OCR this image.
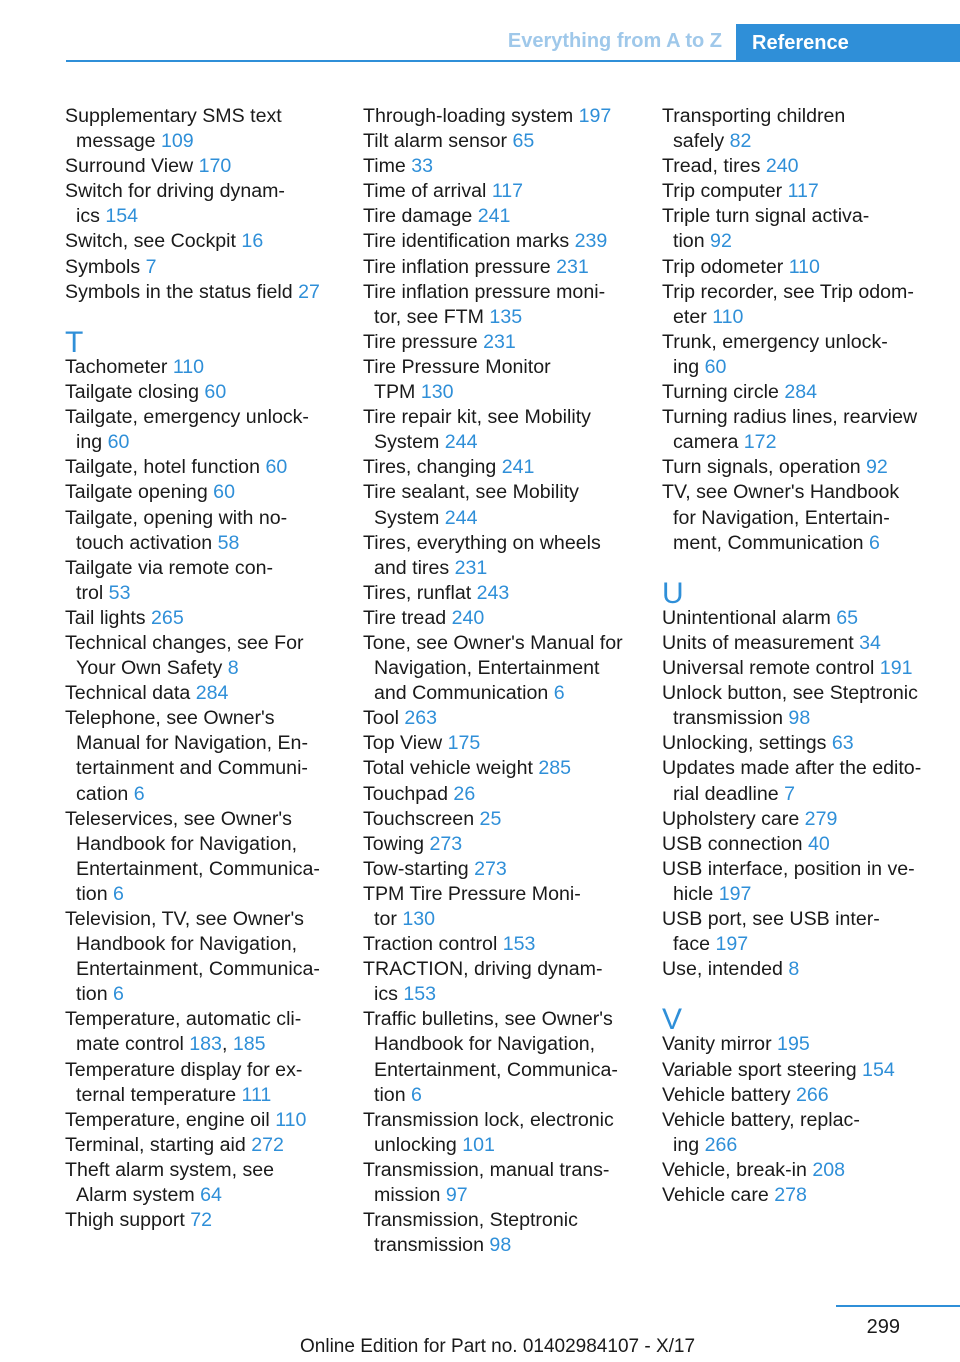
Everything from A to Z	Reference
Supplementary SMS text
message 109
Surround View 170
Switch for driving dynam‐
ics 154
Switch, see Cockpit 16
Symbols 7
Symbols in the status field 27
T
Tachometer 110
Tailgate closing 60
Tailgate, emergency unlock‐
ing 60
Tailgate, hotel function 60
Tailgate opening 60
Tailgate, opening with no-
touch activation 58
Tailgate via remote con‐
trol 53
Tail lights 265
Technical changes, see For
Your Own Safety 8
Technical data 284
Telephone, see Owner's
Manual for Navigation, En‐
tertainment and Communi‐
cation 6
Teleservices, see Owner's
Handbook for Navigation,
Entertainment, Communica‐
tion 6
Television, TV, see Owner's
Handbook for Navigation,
Entertainment, Communica‐
tion 6
Temperature, automatic cli‐
mate control 183, 185
Temperature display for ex‐
ternal temperature 111
Temperature, engine oil 110
Terminal, starting aid 272
Theft alarm system, see
Alarm system 64
Thigh support 72
Through-loading system 197
Tilt alarm sensor 65
Time 33
Time of arrival 117
Tire damage 241
Tire identification marks 239
Tire inflation pressure 231
Tire inflation pressure moni‐
tor, see FTM 135
Tire pressure 231
Tire Pressure Monitor
TPM 130
Tire repair kit, see Mobility
System 244
Tires, changing 241
Tire sealant, see Mobility
System 244
Tires, everything on wheels
and tires 231
Tires, runflat 243
Tire tread 240
Tone, see Owner's Manual for
Navigation, Entertainment
and Communication 6
Tool 263
Top View 175
Total vehicle weight 285
Touchpad 26
Touchscreen 25
Towing 273
Tow-starting 273
TPM Tire Pressure Moni‐
tor 130
Traction control 153
TRACTION, driving dynam‐
ics 153
Traffic bulletins, see Owner's
Handbook for Navigation,
Entertainment, Communica‐
tion 6
Transmission lock, electronic
unlocking 101
Transmission, manual trans‐
mission 97
Transmission, Steptronic
transmission 98
Transporting children
safely 82
Tread, tires 240
Trip computer 117
Triple turn signal activa‐
tion 92
Trip odometer 110
Trip recorder, see Trip odom‐
eter 110
Trunk, emergency unlock‐
ing 60
Turning circle 284
Turning radius lines, rearview
camera 172
Turn signals, operation 92
TV, see Owner's Handbook
for Navigation, Entertain‐
ment, Communication 6
U
Unintentional alarm 65
Units of measurement 34
Universal remote control 191
Unlock button, see Steptronic
transmission 98
Unlocking, settings 63
Updates made after the edito‐
rial deadline 7
Upholstery care 279
USB connection 40
USB interface, position in ve‐
hicle 197
USB port, see USB inter‐
face 197
Use, intended 8
V
Vanity mirror 195
Variable sport steering 154
Vehicle battery 266
Vehicle battery, replac‐
ing 266
Vehicle, break-in 208
Vehicle care 278
299
Online Edition for Part no. 01402984107 - X/17
